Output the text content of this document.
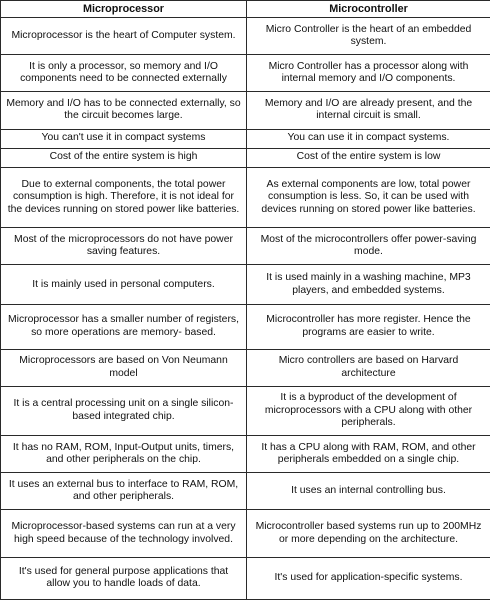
Microprocessor	Microcontroller
Microprocessor is the heart of Computer system.	Micro Controller is the heart of an embedded system.
It is only a processor, so memory and I/O components need to be connected externally	Micro Controller has a processor along with internal memory and I/O components.
Memory and I/O has to be connected externally, so the circuit becomes large.	Memory and I/O are already present, and the internal circuit is small.
You can't use it in compact systems	You can use it in compact systems.
Cost of the entire system is high	Cost of the entire system is low
Due to external components, the total power consumption is high. Therefore, it is not ideal for the devices running on stored power like batteries.	As external components are low, total power consumption is less. So, it can be used with devices running on stored power like batteries.
Most of the microprocessors do not have power saving features.	Most of the microcontrollers offer power-saving mode.
It is mainly used in personal computers.	It is used mainly in a washing machine, MP3 players, and embedded systems.
Microprocessor has a smaller number of registers, so more operations are memory- based.	Microcontroller has more register. Hence the programs are easier to write.
Microprocessors are based on Von Neumann model	Micro controllers are based on Harvard architecture
It is a central processing unit on a single silicon-based integrated chip.	It is a byproduct of the development of microprocessors with a CPU along with other peripherals.
It has no RAM, ROM, Input-Output units, timers, and other peripherals on the chip.	It has a CPU along with RAM, ROM, and other peripherals embedded on a single chip.
It uses an external bus to interface to RAM, ROM, and other peripherals.	It uses an internal controlling bus.
Microprocessor-based systems can run at a very high speed because of the technology involved.	Microcontroller based systems run up to 200MHz or more depending on the architecture.
It's used for general purpose applications that allow you to handle loads of data.	It's used for application-specific systems.
